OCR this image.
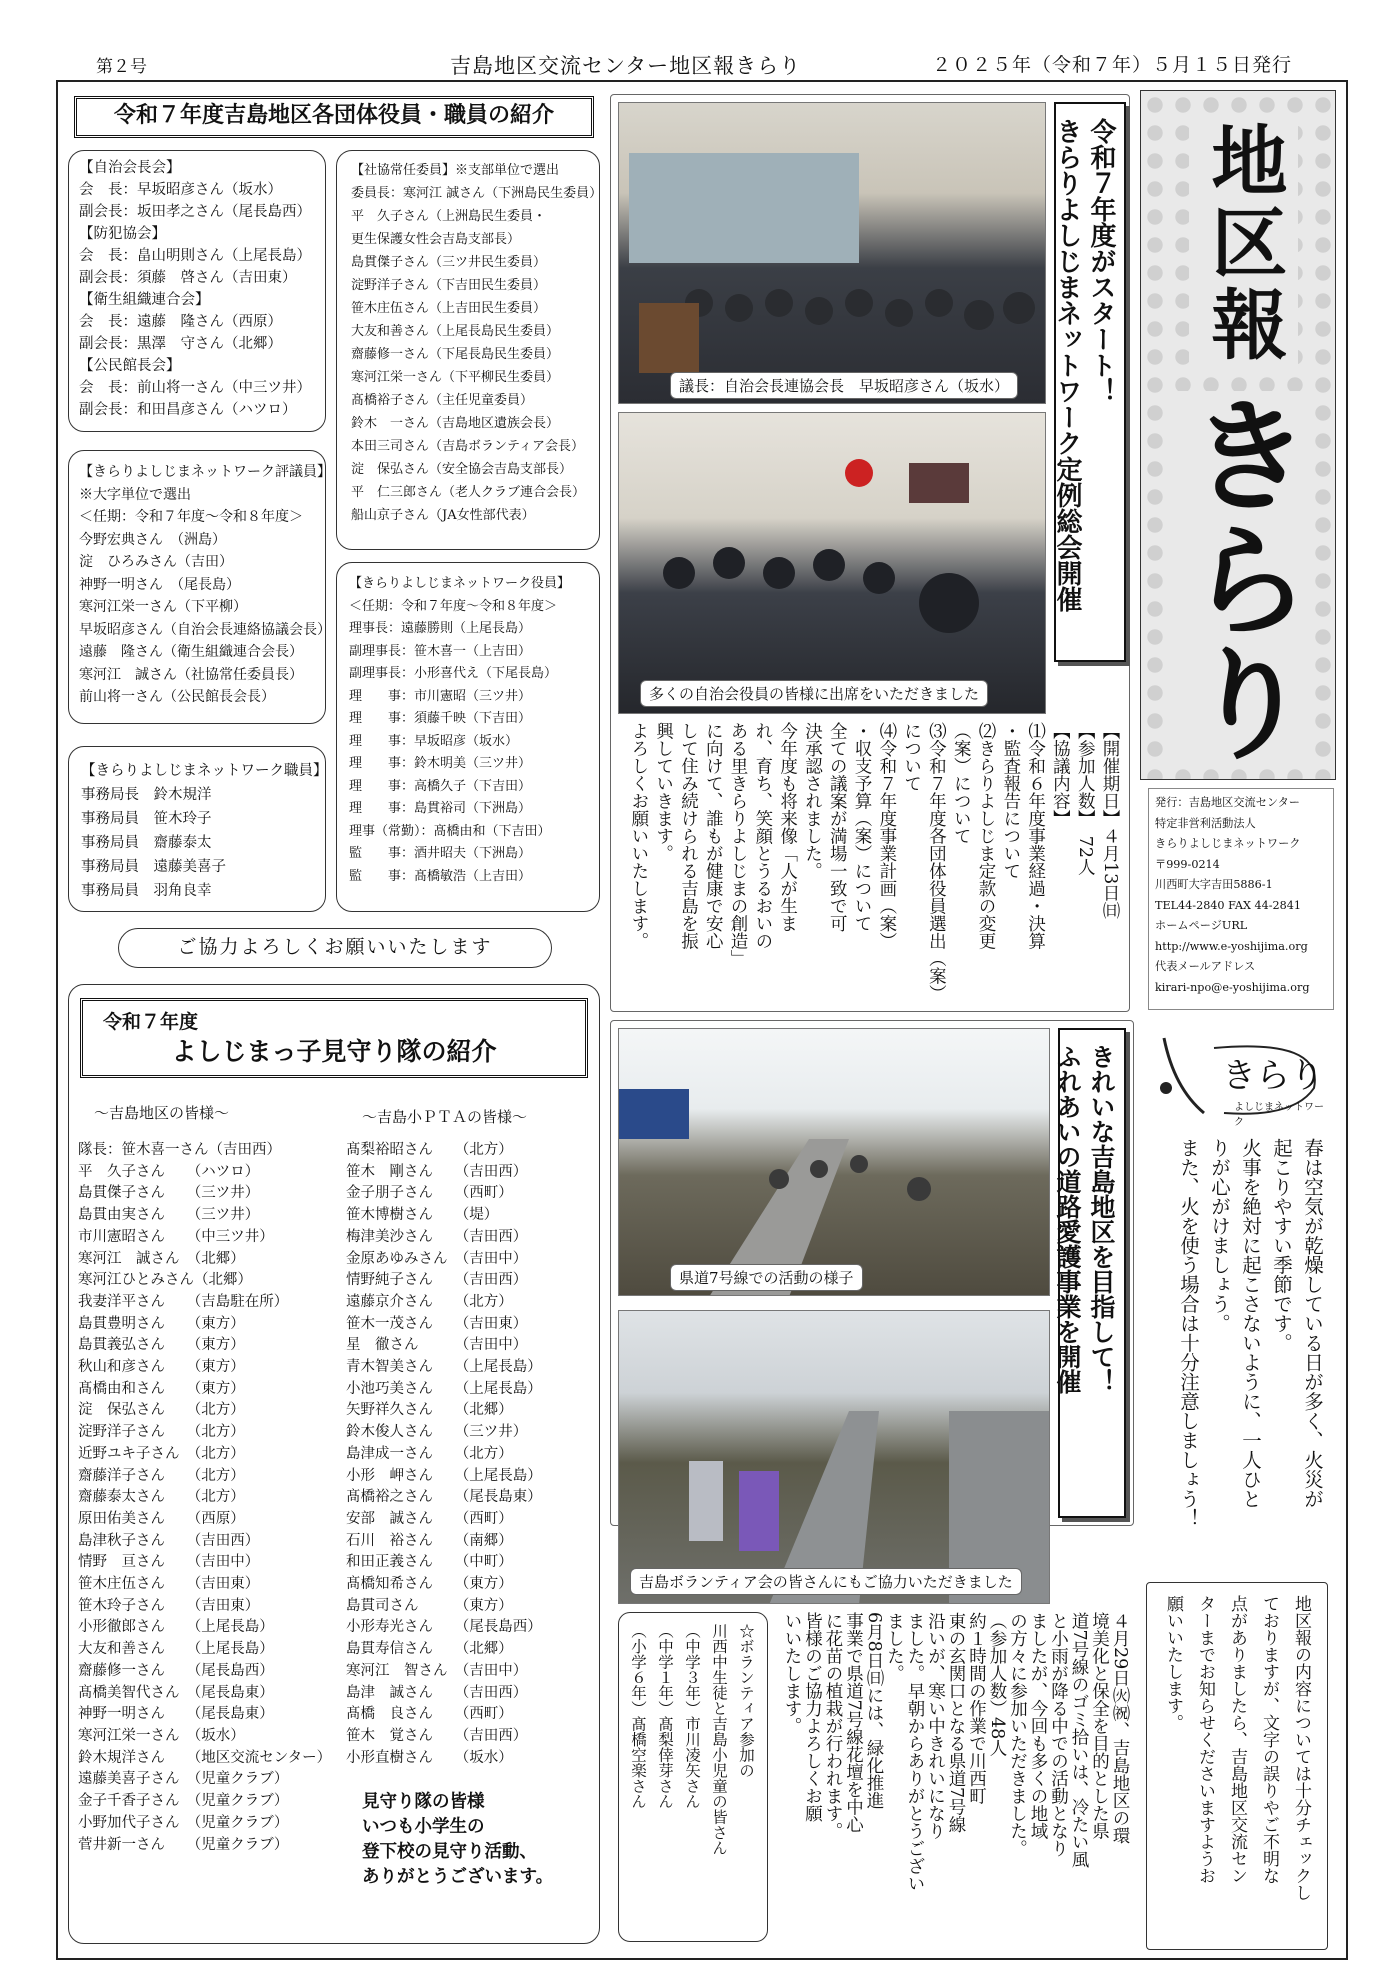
第２号	吉島地区交流センター地区報きらり	２０２５年（令和７年）５月１５日発行
令和７年度吉島地区各団体役員・職員の紹介
【自治会長会】
会　長：早坂昭彦さん（坂水）
副会長：坂田孝之さん（尾長島西）
【防犯協会】
会　長：畠山明則さん（上尾長島）
副会長：須藤　啓さん（吉田東）
【衛生組織連合会】
会　長：遠藤　隆さん（西原）
副会長：黒澤　守さん（北郷）
【公民館長会】
会　長：前山将一さん（中三ツ井）
副会長：和田昌彦さん（ハツロ）
【きらりよしじまネットワーク評議員】
※大字単位で選出
＜任期：令和７年度〜令和８年度＞
今野宏典さん　（洲島）
淀　ひろみさん（吉田）
神野一明さん　（尾長島）
寒河江栄一さん（下平柳）
早坂昭彦さん（自治会長連絡協議会長）
遠藤　隆さん（衛生組織連合会長）
寒河江　誠さん（社協常任委員長）
前山将一さん（公民館長会長）
【きらりよしじまネットワーク職員】
事務局長　鈴木規洋
事務局員　笹木玲子
事務局員　齋藤泰太
事務局員　遠藤美喜子
事務局員　羽角良幸
【社協常任委員】※支部単位で選出
委員長：寒河江 誠さん（下洲島民生委員）
平　久子さん（上洲島民生委員・
更生保護女性会吉島支部長）
島貫傑子さん（三ツ井民生委員）
淀野洋子さん（下吉田民生委員）
笹木庄伍さん（上吉田民生委員）
大友和善さん（上尾長島民生委員）
齋藤修一さん（下尾長島民生委員）
寒河江栄一さん（下平柳民生委員）
髙橋裕子さん（主任児童委員）
鈴木　一さん（吉島地区遺族会長）
本田三司さん（吉島ボランティア会長）
淀　保弘さん（安全協会吉島支部長）
平　仁三郎さん（老人クラブ連合会長）
船山京子さん（JA女性部代表）
【きらりよしじまネットワーク役員】
＜任期：令和７年度〜令和８年度＞
理事長：遠藤勝則（上尾長島）
副理事長：笹木喜一（上吉田）
副理事長：小形喜代え（下尾長島）
理　　事：市川憲昭（三ツ井）
理　　事：須藤千映（下吉田）
理　　事：早坂昭彦（坂水）
理　　事：鈴木明美（三ツ井）
理　　事：高橋久子（下吉田）
理　　事：島貫裕司（下洲島）
理事（常勤）：髙橋由和（下吉田）
監　　事：酒井昭夫（下洲島）
監　　事：髙橋敏浩（上吉田）
ご協力よろしくお願いいたします
令和７年度
よしじまっ子見守り隊の紹介
〜吉島地区の皆様〜	〜吉島小ＰＴＡの皆様〜
隊長：笹木喜一さん（吉田西）
平　久子さん　　（ハツロ）
島貫傑子さん　　（三ツ井）
島貫由実さん　　（三ツ井）
市川憲昭さん　　（中三ツ井）
寒河江　誠さん　（北郷）
寒河江ひとみさん（北郷）
我妻洋平さん　　（吉島駐在所）
島貫豊明さん　　（東方）
島貫義弘さん　　（東方）
秋山和彦さん　　（東方）
髙橋由和さん　　（東方）
淀　保弘さん　　（北方）
淀野洋子さん　　（北方）
近野ユキ子さん　（北方）
齋藤洋子さん　　（北方）
齋藤泰太さん　　（北方）
原田佑美さん　　（西原）
島津秋子さん　　（吉田西）
情野　亘さん　　（吉田中）
笹木庄伍さん　　（吉田東）
笹木玲子さん　　（吉田東）
小形徹郎さん　　（上尾長島）
大友和善さん　　（上尾長島）
齋藤修一さん　　（尾長島西）
髙橋美智代さん　（尾長島東）
神野一明さん　　（尾長島東）
寒河江栄一さん　（坂水）
鈴木規洋さん　　（地区交流センター）
遠藤美喜子さん　（児童クラブ）
金子千香子さん　（児童クラブ）
小野加代子さん　（児童クラブ）
菅井新一さん　　（児童クラブ）
髙梨裕昭さん　　（北方）
笹木　剛さん　　（吉田西）
金子朋子さん　　（西町）
笹木博樹さん　　（堤）
梅津美沙さん　　（吉田西）
金原あゆみさん　（吉田中）
情野純子さん　　（吉田西）
遠藤京介さん　　（北方）
笹木一茂さん　　（吉田東）
星　徹さん　　　（吉田中）
青木智美さん　　（上尾長島）
小池巧美さん　　（上尾長島）
矢野祥久さん　　（北郷）
鈴木俊人さん　　（三ツ井）
島津成一さん　　（北方）
小形　岬さん　　（上尾長島）
髙橋裕之さん　　（尾長島東）
安部　誠さん　　（西町）
石川　裕さん　　（南郷）
和田正義さん　　（中町）
髙橋知希さん　　（東方）
島貫司さん　　　（東方）
小形寿光さん　　（尾長島西）
島貫寿信さん　　（北郷）
寒河江　智さん　（吉田中）
島津　誠さん　　（吉田西）
髙橋　良さん　　（西町）
笹木　覚さん　　（吉田西）
小形直樹さん　　（坂水）
見守り隊の皆様
いつも小学生の
登下校の見守り活動、
ありがとうございます。
議長：自治会長連協会長　早坂昭彦さん（坂水）
多くの自治会役員の皆様に出席をいただきました
令和７年度がスタート！
きらりよしじまネットワーク定例総会開催
【開催期日】４月13日㈰
【参加人数】　72人
【協議内容】
⑴令和６年度事業経過・決算
・監査報告について
⑵きらりよしじま定款の変更
（案）について
⑶令和７年度各団体役員選出（案）
について
⑷令和７年度事業計画（案）
・収支予算（案）について
全ての議案が満場一致で可
決承認されました。
今年度も将来像「人が生ま
れ、育ち、笑顔とうるおいの
ある里きらりよしじまの創造」
に向けて、誰もが健康で安心
して住み続けられる吉島を振
興していきます。
よろしくお願いいたします。
地区報
きらり
発行：吉島地区交流センター
特定非営利活動法人
きらりよしじまネットワーク
〒999-0214
川西町大字吉田5886-1
TEL44-2840 FAX 44-2841
ホームページURL
http://www.e-yoshijima.org
代表メールアドレス
kirari-npo@e-yoshijima.org
きらり
よしじまネットワーク
春は空気が乾燥している日が多く、火災が
起こりやすい季節です。
火事を絶対に起こさないように、一人ひと
りが心がけましょう。
また、火を使う場合は十分注意しましょう！
県道7号線での活動の様子
吉島ボランティア会の皆さんにもご協力いただきました
きれいな吉島地区を目指して！
ふれあいの道路愛護事業を開催
４月29日㈫㈷、吉島地区の環
境美化と保全を目的とした県
道7号線のゴミ拾いは、冷たい風
と小雨が降る中での活動となり
ましたが、今回も多くの地域
の方々に参加いただきました。
（参加人数）48人
約１時間の作業で川西町
東の玄関口となる県道7号線
沿いが、寒い中きれいになり
ました。早朝からありがとうござい
ました。
6月8日㈰には、緑化推進
事業で県道7号線花壇を中心
に花苗の植栽が行われます。
皆様のご協力よろしくお願
いいたします。
☆ボランティア参加の
川西中生徒と吉島小児童の皆さん
（中学３年）市川凌矢さん
（中学１年）髙梨倖芽さん
（小学６年）髙橋空楽さん	地区報の内容については十分チェックし
ておりますが、文字の誤りやご不明な
点がありましたら、吉島地区交流セン
ターまでお知らせくださいますようお
願いいたします。
